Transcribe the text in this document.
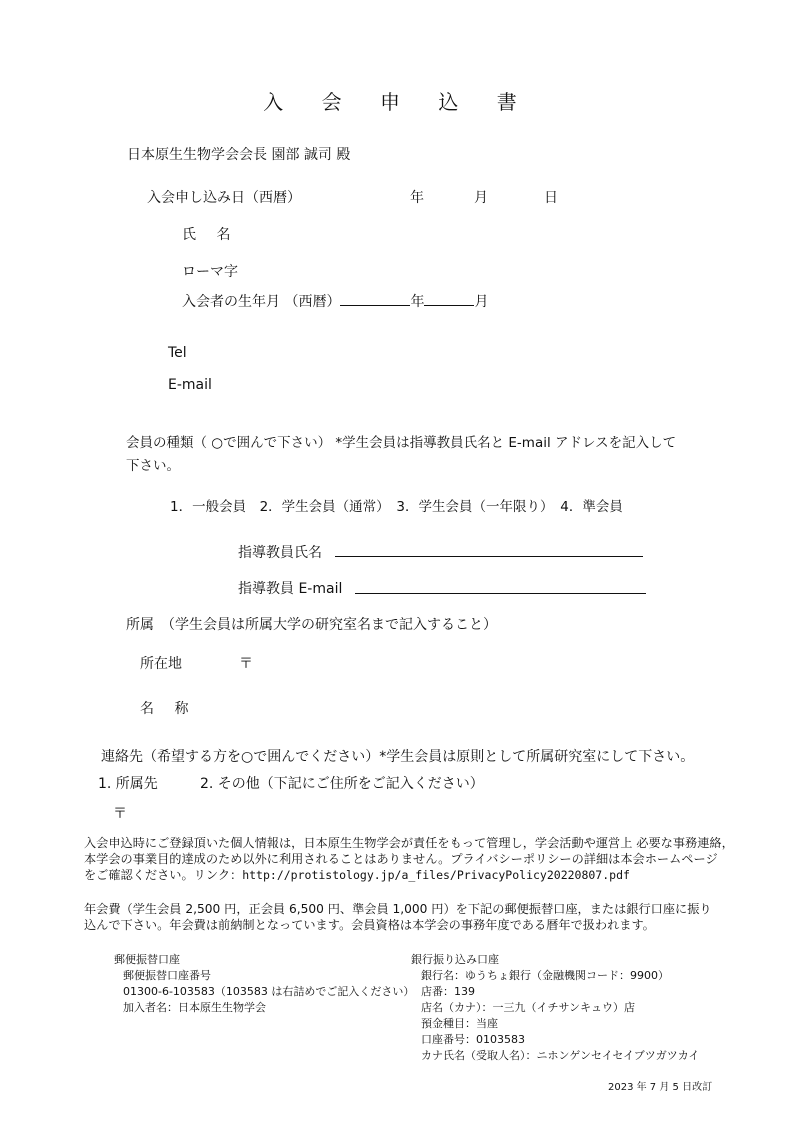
入 会 申 込 書
日本原生生物学会会長 園部 誠司 殿
入会申し込み日（西暦）	年	月	日
氏 名
ローマ字
入会者の生年月 （西暦）	年	月
Tel
E-mail
会員の種類（ ○で囲んで下さい） *学生会員は指導教員氏名と E-mail アドレスを記入して
下さい。
1．一般会員　2．学生会員（通常）　3．学生会員（一年限り）　4．準会員
指導教員氏名
指導教員 E-mail
所属　（学生会員は所属大学の研究室名まで記入すること）
所在地	〒
名 称
連絡先（希望する方を○で囲んでください）*学生会員は原則として所属研究室にして下さい。
1. 所属先	2. その他（下記にご住所をご記入ください）
〒
入会申込時にご登録頂いた個人情報は，日本原生生物学会が責任をもって管理し，学会活動や運営上 必要な事務連絡，
本学会の事業目的達成のため以外に利用されることはありません。プライバシーポリシーの詳細は本会ホームページ
をご確認ください。リンク：http://protistology.jp/a_files/PrivacyPolicy20220807.pdf
年会費（学生会員 2,500 円，正会員 6,500 円、準会員 1,000 円）を下記の郵便振替口座，または銀行口座に振り
込んで下さい。年会費は前納制となっています。会員資格は本学会の事務年度である暦年で扱われます。
郵便振替口座
郵便振替口座番号
01300-6-103583（103583 は右詰めでご記入ください）
加入者名：日本原生生物学会
銀行振り込み口座
銀行名：ゆうちょ銀行（金融機関コード：9900）
店番：139
店名（カナ）：一三九（イチサンキュウ）店
預金種目：当座
口座番号：0103583
カナ氏名（受取人名）：ニホンゲンセイセイブツガツカイ
2023 年 7 月 5 日改訂
